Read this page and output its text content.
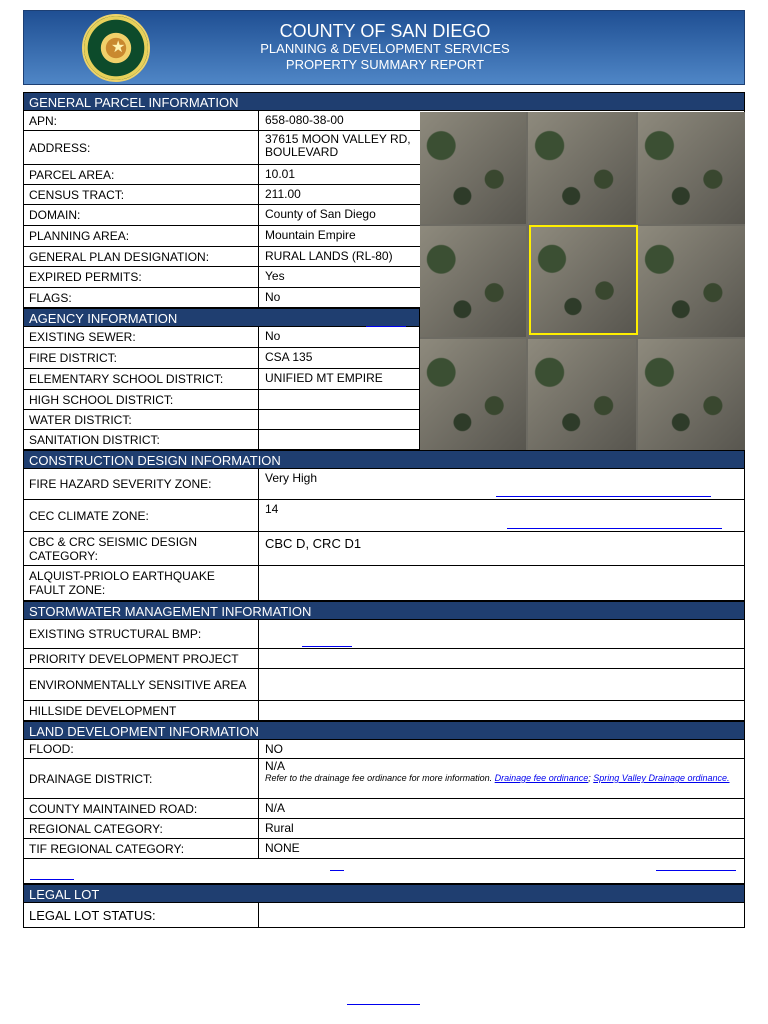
★
COUNTY OF SAN DIEGO
PLANNING & DEVELOPMENT SERVICES
PROPERTY SUMMARY REPORT
GENERAL PARCEL INFORMATION
APN:	658-080-38-00
ADDRESS:
37615 MOON VALLEY RD, BOULEVARD
PARCEL AREA:	10.01
CENSUS TRACT:	211.00
DOMAIN:	County of San Diego
PLANNING AREA:	Mountain Empire
GENERAL PLAN DESIGNATION:	RURAL LANDS (RL-80)
EXPIRED PERMITS:	Yes
FLAGS:	No
AGENCY INFORMATION
EXISTING SEWER:	No
FIRE DISTRICT:	CSA 135
ELEMENTARY SCHOOL DISTRICT:	UNIFIED MT EMPIRE
HIGH SCHOOL DISTRICT:
WATER DISTRICT:
SANITATION DISTRICT:
CONSTRUCTION DESIGN INFORMATION
FIRE HAZARD SEVERITY ZONE:	Very High
CEC CLIMATE ZONE:	14
CBC & CRC SEISMIC DESIGN CATEGORY:
CBC D, CRC D1
ALQUIST-PRIOLO EARTHQUAKE FAULT ZONE:
STORMWATER MANAGEMENT INFORMATION
EXISTING STRUCTURAL BMP:
PRIORITY DEVELOPMENT PROJECT
ENVIRONMENTALLY SENSITIVE AREA
HILLSIDE DEVELOPMENT
LAND DEVELOPMENT INFORMATION
FLOOD:	NO
DRAINAGE DISTRICT:
N/A
Refer to the drainage fee ordinance for more information. Drainage fee ordinance; Spring Valley Drainage ordinance.
COUNTY MAINTAINED ROAD:	N/A
REGIONAL CATEGORY:	Rural
TIF REGIONAL CATEGORY:	NONE
LEGAL LOT
LEGAL LOT STATUS:
